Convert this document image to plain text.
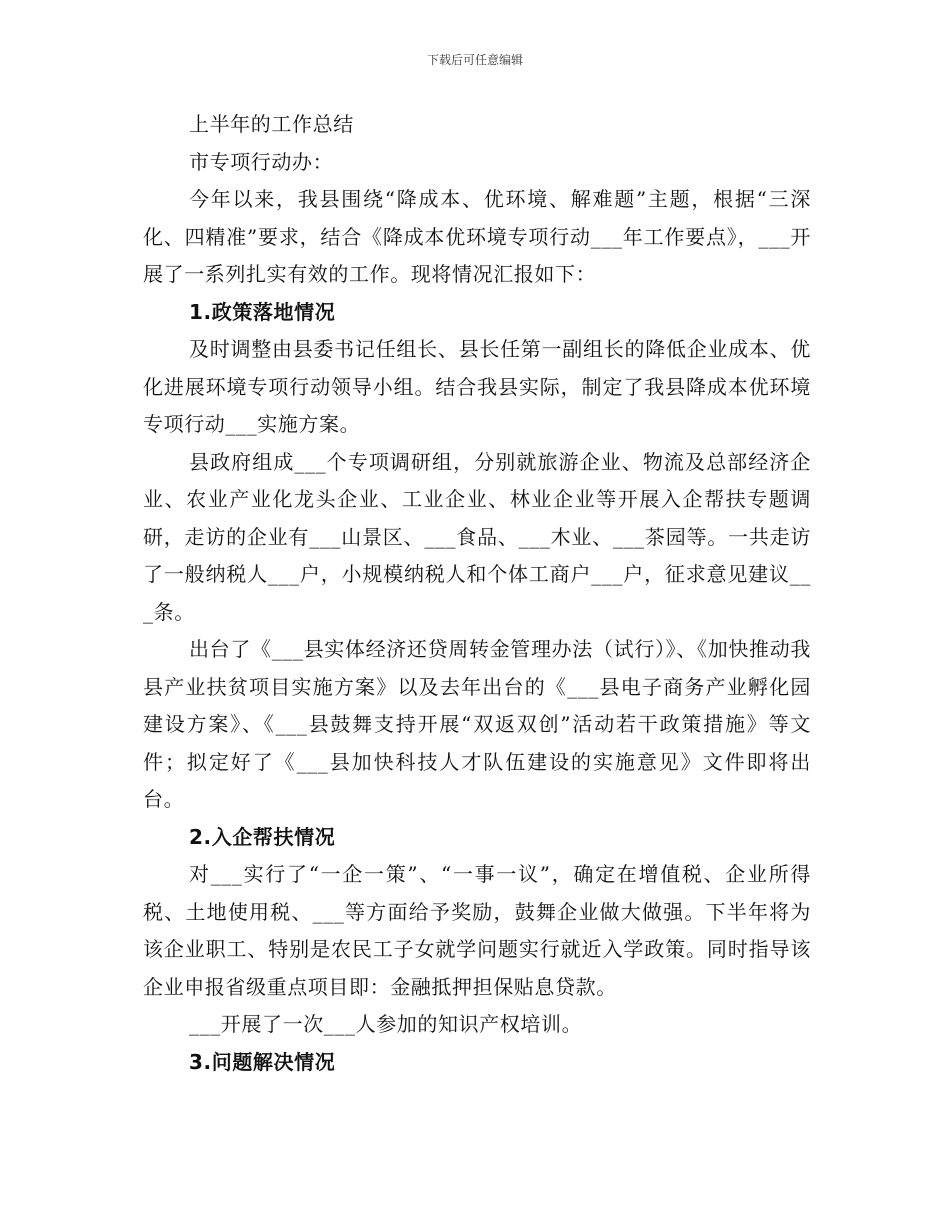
下载后可任意编辑

上半年的工作总结

市专项行动办：

今年以来，我县围绕“降成本、优环境、解难题”主题，根据“三深化、四精准”要求，结合《降成本优环境专项行动___年工作要点》，___开展了一系列扎实有效的工作。现将情况汇报如下：

1.政策落地情况

及时调整由县委书记任组长、县长任第一副组长的降低企业成本、优化进展环境专项行动领导小组。结合我县实际，制定了我县降成本优环境专项行动___实施方案。

县政府组成___个专项调研组，分别就旅游企业、物流及总部经济企业、农业产业化龙头企业、工业企业、林业企业等开展入企帮扶专题调研，走访的企业有___山景区、___食品、___木业、___茶园等。一共走访了一般纳税人___户，小规模纳税人和个体工商户___户，征求意见建议___条。

出台了《___县实体经济还贷周转金管理办法（试行）》、《加快推动我县产业扶贫项目实施方案》以及去年出台的《___县电子商务产业孵化园建设方案》、《___县鼓舞支持开展“双返双创”活动若干政策措施》等文件；拟定好了《___县加快科技人才队伍建设的实施意见》文件即将出台。

2.入企帮扶情况

对___实行了“一企一策”、“一事一议”，确定在增值税、企业所得税、土地使用税、___等方面给予奖励，鼓舞企业做大做强。下半年将为该企业职工、特别是农民工子女就学问题实行就近入学政策。同时指导该企业申报省级重点项目即：金融抵押担保贴息贷款。

___开展了一次___人参加的知识产权培训。

3.问题解决情况
